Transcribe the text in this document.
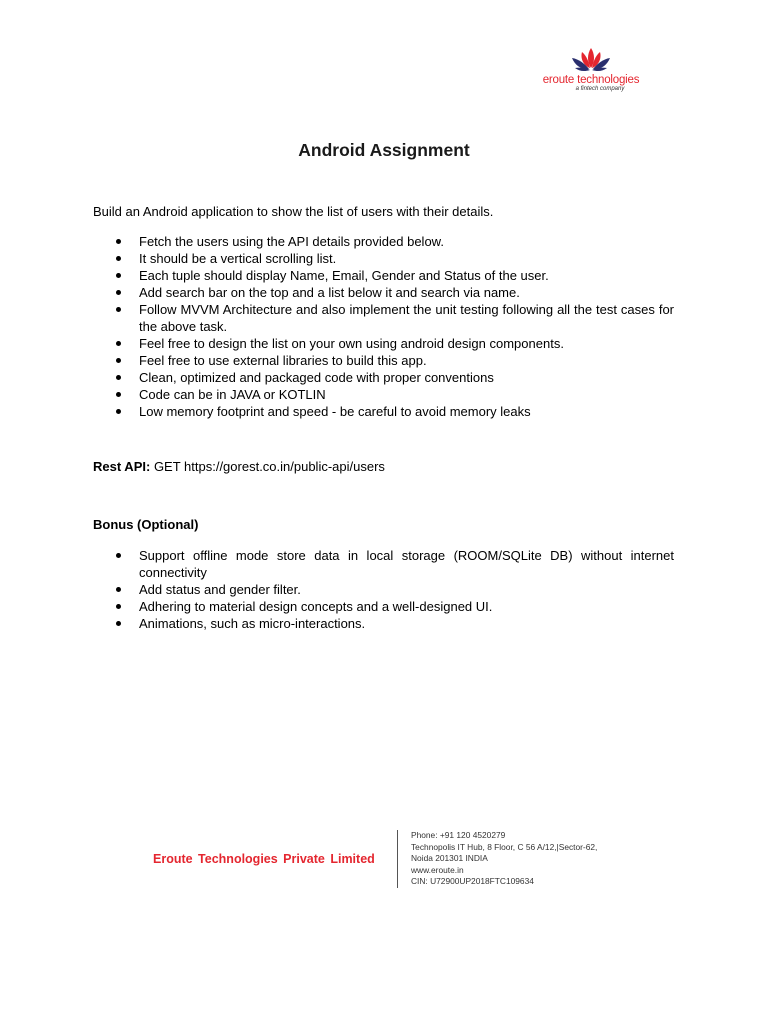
eroute technologies
a fintech company
Android Assignment
Build an Android application to show the list of users with their details.
Fetch the users using the API details provided below.
It should be a vertical scrolling list.
Each tuple should display Name, Email, Gender and Status of the user.
Add search bar on the top and a list below it and search via name.
Follow MVVM Architecture and also implement the unit testing following all the test cases for the above task.
Feel free to design the list on your own using android design components.
Feel free to use external libraries to build this app.
Clean, optimized and packaged code with proper conventions
Code can be in JAVA or KOTLIN
Low memory footprint and speed - be careful to avoid memory leaks
Rest API: GET https://gorest.co.in/public-api/users
Bonus (Optional)
Support offline mode store data in local storage (ROOM/SQLite DB) without internet connectivity
Add status and gender filter.
Adhering to material design concepts and a well-designed UI.
Animations, such as micro-interactions.
Eroute Technologies Private Limited
Phone: +91 120 4520279
Technopolis IT Hub, 8 Floor, C 56 A/12,|Sector-62,
Noida 201301 INDIA
www.eroute.in
CIN: U72900UP2018FTC109634
